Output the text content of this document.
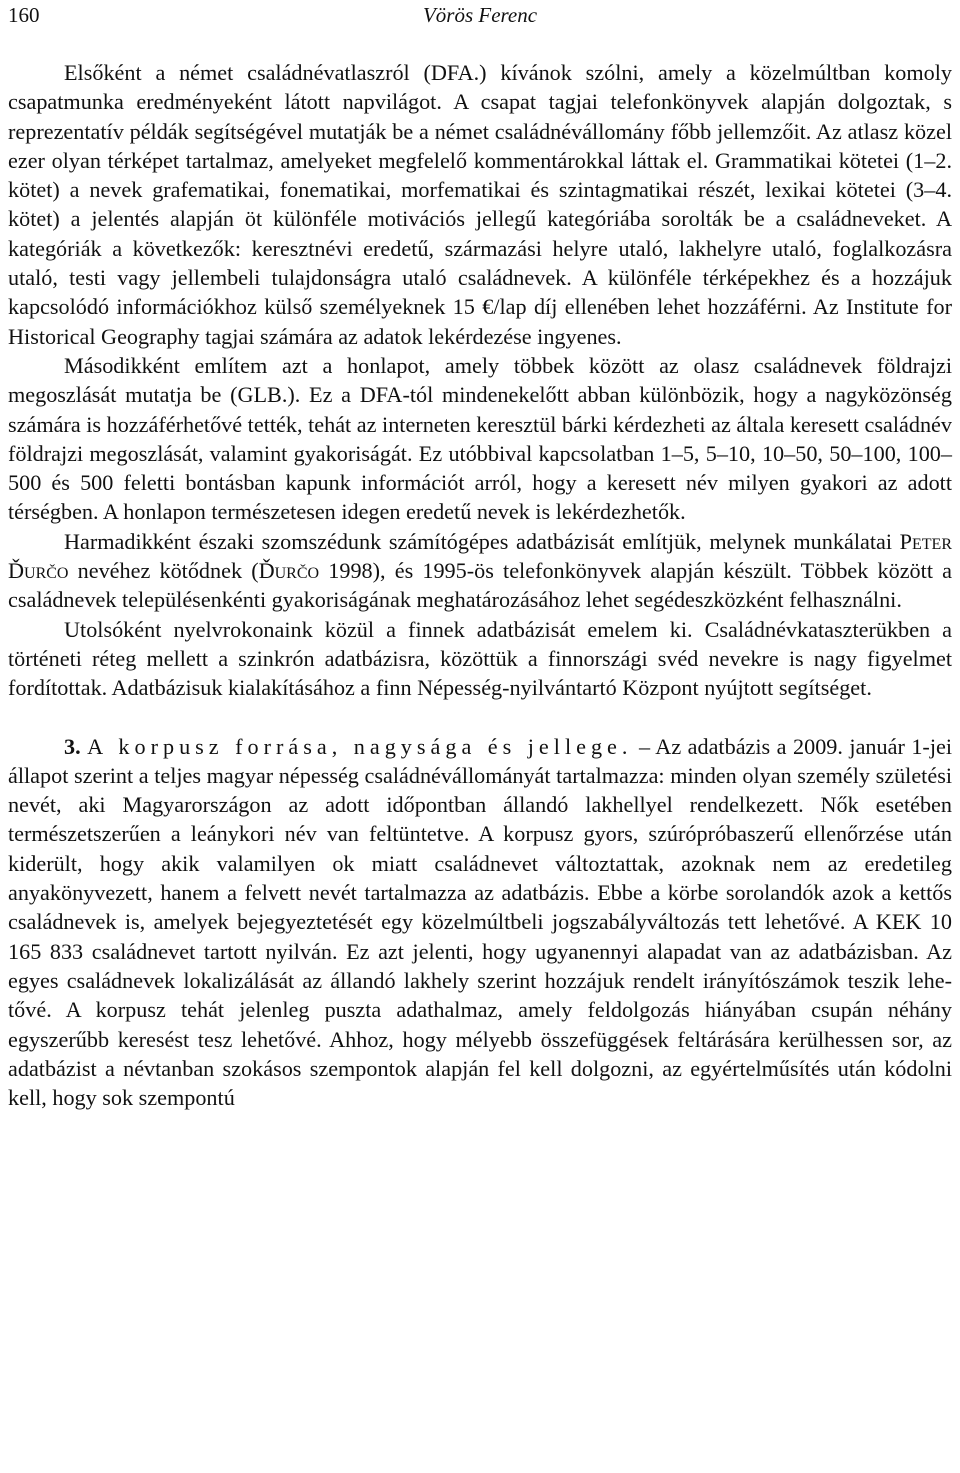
160	Vörös Ferenc

Elsőként a német családnévatlaszról (DFA.) kívánok szólni, amely a közelmúltban komoly csapatmunka eredményeként látott napvilágot. A csapat tagjai telefonkönyvek alapján dolgoztak, s reprezentatív példák segítségével mutatják be a német családnévállomány főbb jellemzőit. Az atlasz közel ezer olyan térképet tartalmaz, amelyeket megfelelő kommentárokkal láttak el. Grammatikai kötetei (1–2. kötet) a nevek grafematikai, fonematikai, morfematikai és szintagmatikai részét, lexikai kötetei (3–4. kötet) a jelentés alapján öt különféle motivációs jellegű kategóriába sorolták be a családneveket. A kategóriák a következők: keresztnévi eredetű, származási helyre utaló, lakhelyre utaló, foglalkozásra utaló, testi vagy jellembeli tulajdonságra utaló családnevek. A különféle térképekhez és a hozzájuk kapcsolódó információkhoz külső személyeknek 15 €/lap díj ellenében lehet hozzáférni. Az Institute for Historical Geography tagjai számára az adatok lekérdezése ingyenes.

Másodikként említem azt a honlapot, amely többek között az olasz családnevek földrajzi megoszlását mutatja be (GLB.). Ez a DFA-tól mindenekelőtt abban különbözik, hogy a nagyközönség számára is hozzáférhetővé tették, tehát az interneten keresztül bárki kérdezheti az általa keresett családnév földrajzi megoszlását, valamint gyakoriságát. Ez utóbbival kapcsolatban 1–5, 5–10, 10–50, 50–100, 100–500 és 500 feletti bontásban kapunk információt arról, hogy a keresett név milyen gyakori az adott térségben. A honlapon természetesen idegen eredetű nevek is lekérdezhetők.

Harmadikként északi szomszédunk számítógépes adatbázisát említjük, melynek munkálatai Peter Ďurčo nevéhez kötődnek (Ďurčo 1998), és 1995-ös telefonkönyvek alapján készült. Többek között a családnevek településenkénti gyakoriságának meghatározásához lehet segédeszközként felhasználni.

Utolsóként nyelvrokonaink közül a finnek adatbázisát emelem ki. Családnévkataszterükben a történeti réteg mellett a szinkrón adatbázisra, közöttük a finnországi svéd nevekre is nagy figyelmet fordítottak. Adatbázisuk kialakításához a finn Népesség-nyilvántartó Központ nyújtott segítséget.

3. A korpusz forrása, nagysága és jellege. – Az adatbázis a 2009. január 1-jei állapot szerint a teljes magyar népesség családnévállományát tartalmazza: minden olyan személy születési nevét, aki Magyarországon az adott időpontban állandó lakhellyel rendelkezett. Nők esetében természetszerűen a leánykori név van feltüntetve. A korpusz gyors, szúrópróbaszerű ellenőrzése után kiderült, hogy akik valamilyen ok miatt családnevet változtattak, azoknak nem az eredetileg anyakönyvezett, hanem a felvett nevét tartalmazza az adatbázis. Ebbe a körbe sorolandók azok a kettős családnevek is, amelyek bejegyeztetését egy közelmúltbeli jogszabályváltozás tett lehetővé. A KEK 10 165 833 családnevet tartott nyilván. Ez azt jelenti, hogy ugyanennyi alapadat van az adatbázisban. Az egyes családnevek lokalizálását az állandó lakhely szerint hozzájuk rendelt irányítószámok teszik lehetővé. A korpusz tehát jelenleg puszta adathalmaz, amely feldolgozás hiányában csupán néhány egyszerűbb keresést tesz lehetővé. Ahhoz, hogy mélyebb összefüggések feltárására kerülhessen sor, az adatbázist a névtanban szokásos szempontok alapján fel kell dolgozni, az egyértelműsítés után kódolni kell, hogy sok szempontú
